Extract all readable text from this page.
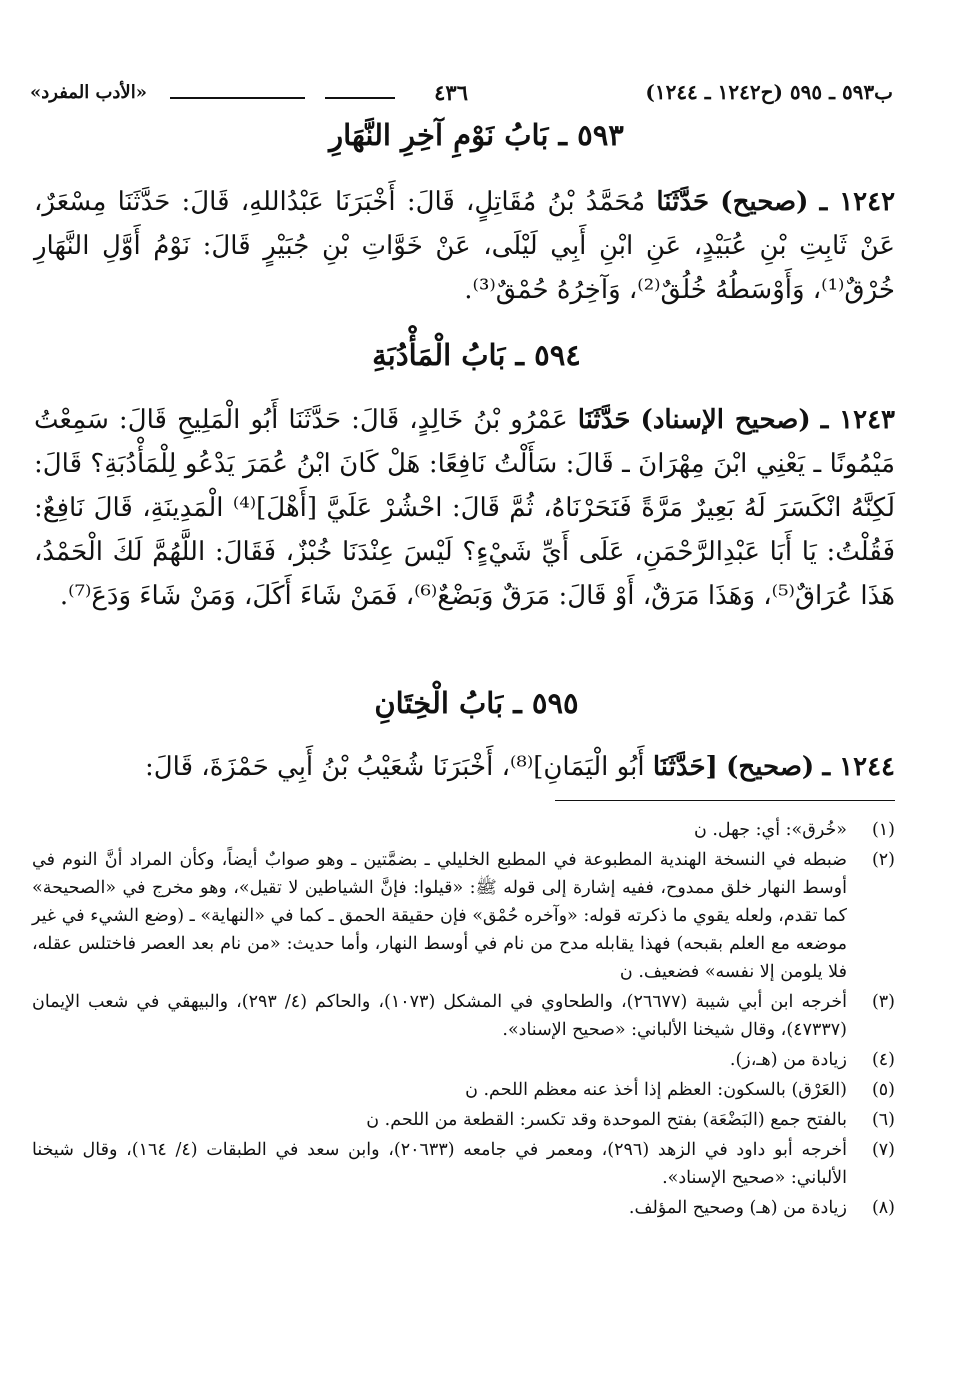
ب٥٩٣ ـ ٥٩٥ (ح١٢٤٢ ـ ١٢٤٤)
٤٣٦
«الأدب المفرد»
٥٩٣ ـ بَابُ نَوْمِ آخِرِ النَّهَارِ
١٢٤٢ ـ (صحيح) حَدَّثَنَا مُحَمَّدُ بْنُ مُقَاتِلٍ، قَالَ: أَخْبَرَنَا عَبْدُاللهِ، قَالَ: حَدَّثَنَا مِسْعَرٌ، عَنْ ثَابِتِ بْنِ عُبَيْدٍ، عَنِ ابْنِ أَبِي لَيْلَى، عَنْ خَوَّاتِ بْنِ جُبَيْرٍ قَالَ: نَوْمُ أَوَّلِ النَّهَارِ خُرْقٌ⁽¹⁾، وَأَوْسَطُهُ خُلُقٌ⁽²⁾، وَآخِرُهُ حُمْقٌ⁽³⁾.
٥٩٤ ـ بَابُ الْمَأْدُبَةِ
١٢٤٣ ـ (صحيح الإسناد) حَدَّثَنَا عَمْرُو بْنُ خَالِدٍ، قَالَ: حَدَّثَنَا أَبُو الْمَلِيحِ قَالَ: سَمِعْتُ مَيْمُونًا ـ يَعْنِي ابْنَ مِهْرَانَ ـ قَالَ: سَأَلْتُ نَافِعًا: هَلْ كَانَ ابْنُ عُمَرَ يَدْعُو لِلْمَأْدُبَةِ؟ قَالَ: لَكِنَّهُ انْكَسَرَ لَهُ بَعِيرٌ مَرَّةً فَنَحَرْنَاهُ، ثُمَّ قَالَ: احْشُرْ عَلَيَّ [أَهْلَ]⁽⁴⁾ الْمَدِينَةِ، قَالَ نَافِعٌ: فَقُلْتُ: يَا أَبَا عَبْدِالرَّحْمَنِ، عَلَى أَيِّ شَيْءٍ؟ لَيْسَ عِنْدَنَا خُبْزٌ، فَقَالَ: اللَّهُمَّ لَكَ الْحَمْدُ، هَذَا عُرَاقٌ⁽⁵⁾، وَهَذَا مَرَقٌ، أَوْ قَالَ: مَرَقٌ وَبَضْعٌ⁽⁶⁾، فَمَنْ شَاءَ أَكَلَ، وَمَنْ شَاءَ وَدَعَ⁽⁷⁾.
٥٩٥ ـ بَابُ الْخِتَانِ
١٢٤٤ ـ (صحيح) [حَدَّثَنَا أَبُو الْيَمَانِ]⁽⁸⁾، أَخْبَرَنَا شُعَيْبُ بْنُ أَبِي حَمْزَةَ، قَالَ:
(١)
«خُرق»: أي: جهل. ن
(٢)
ضبطه في النسخة الهندية المطبوعة في المطبع الخليلي ـ بضمَّتين ـ وهو صوابٌ أيضاً، وكأن المراد أنَّ النوم في أوسط النهار خلق ممدوح، ففيه إشارة إلى قوله ﷺ: «قيلوا: فإنَّ الشياطين لا تقيل»، وهو مخرج في «الصحيحة» كما تقدم، ولعله يقوي ما ذكرته قوله: «وآخره حُمْق» فإن حقيقة الحمق ـ كما في «النهاية» ـ (وضع الشيء في غير موضعه مع العلم بقبحه) فهذا يقابله مدح من نام في أوسط النهار، وأما حديث: «من نام بعد العصر فاختلس عقله، فلا يلومن إلا نفسه» فضعيف. ن
(٣)
أخرجه ابن أبي شيبة (٢٦٦٧٧)، والطحاوي في المشكل (١٠٧٣)، والحاكم (٤/ ٢٩٣)، والبيهقي في شعب الإيمان (٤٧٣٣٧)، وقال شيخنا الألباني: «صحيح الإسناد».
(٤)
زيادة من (هـ،ز).
(٥)
(العَرْق) بالسكون: العظم إذا أخذ عنه معظم اللحم. ن
(٦)
بالفتح جمع (البَضْعَة) بفتح الموحدة وقد تكسر: القطعة من اللحم. ن
(٧)
أخرجه أبو داود في الزهد (٢٩٦)، ومعمر في جامعه (٢٠٦٣٣)، وابن سعد في الطبقات (٤/ ١٦٤)، وقال شيخنا الألباني: «صحيح الإسناد».
(٨)
زيادة من (هـ) وصحيح المؤلف.
